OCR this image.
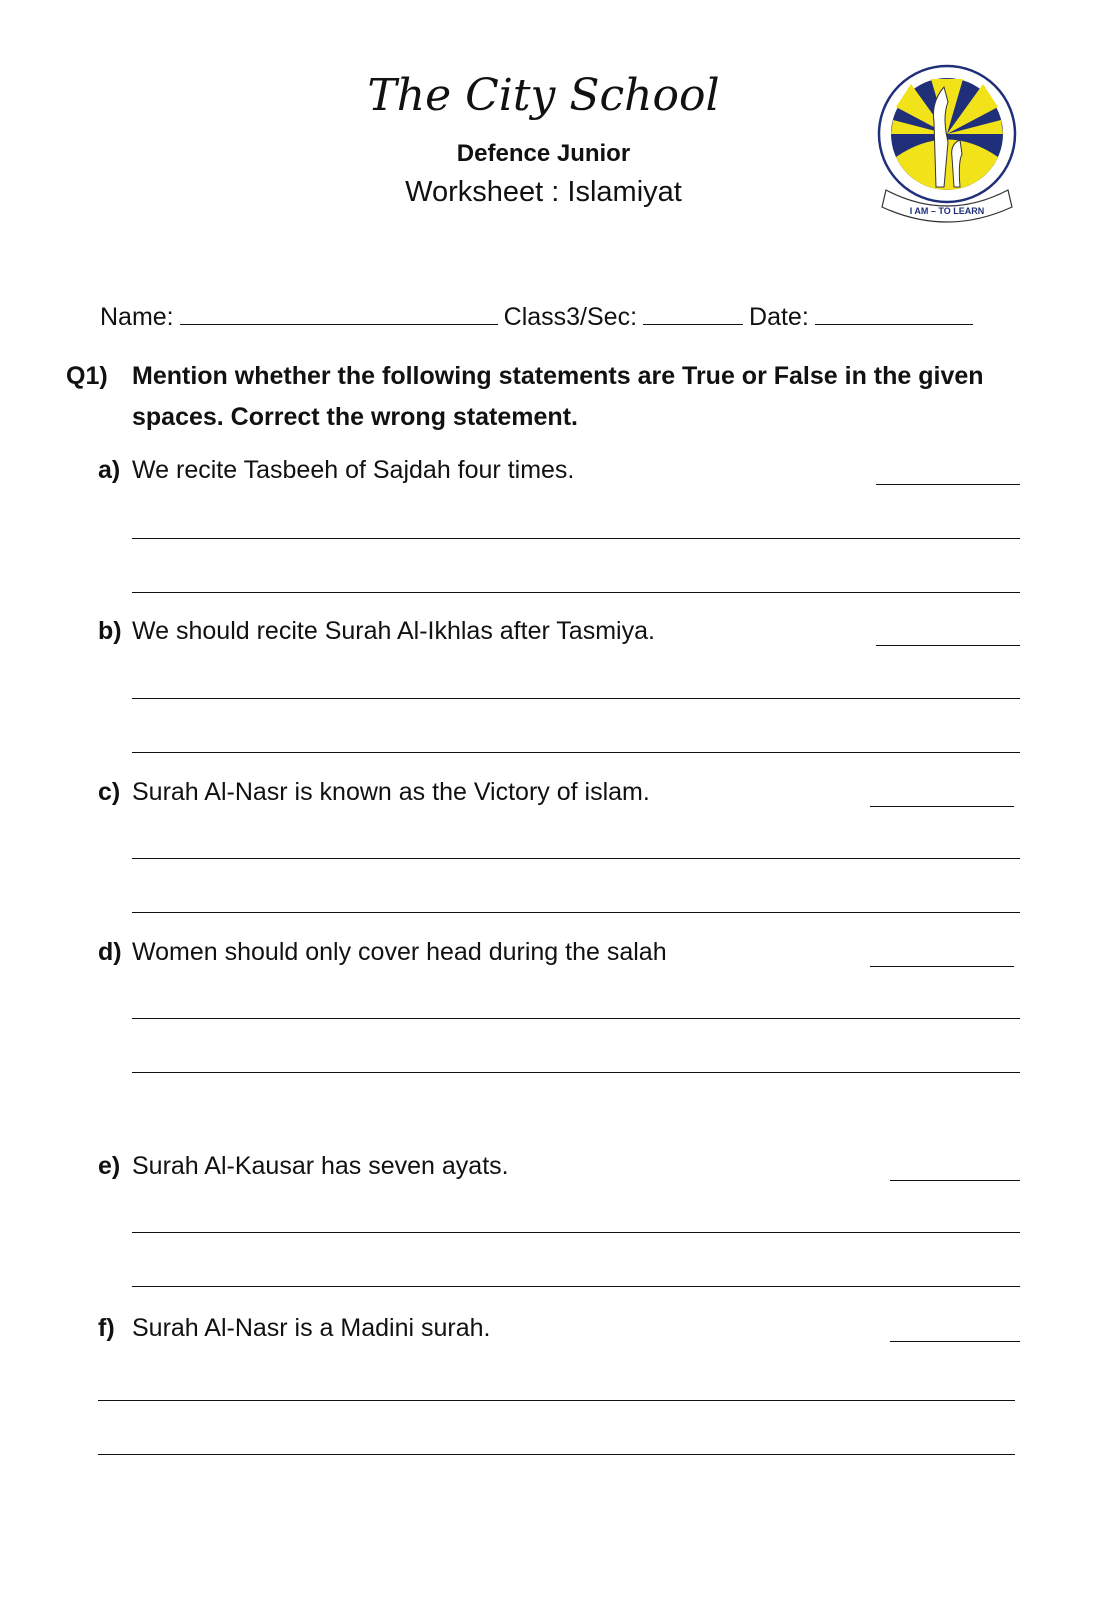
The City School
Defence Junior
Worksheet : Islamiyat
I AM – TO LEARN
Name:	Class3/Sec:	Date:
Q1) Mention whether the following statements are True or False in the given spaces. Correct the wrong statement.
a) We recite Tasbeeh of Sajdah four times.
b) We should recite Surah Al-Ikhlas after Tasmiya.
c) Surah Al-Nasr is known as the Victory of islam.
d) Women should only cover head during the salah
e) Surah Al-Kausar has seven ayats.
f) Surah Al-Nasr is a Madini surah.
